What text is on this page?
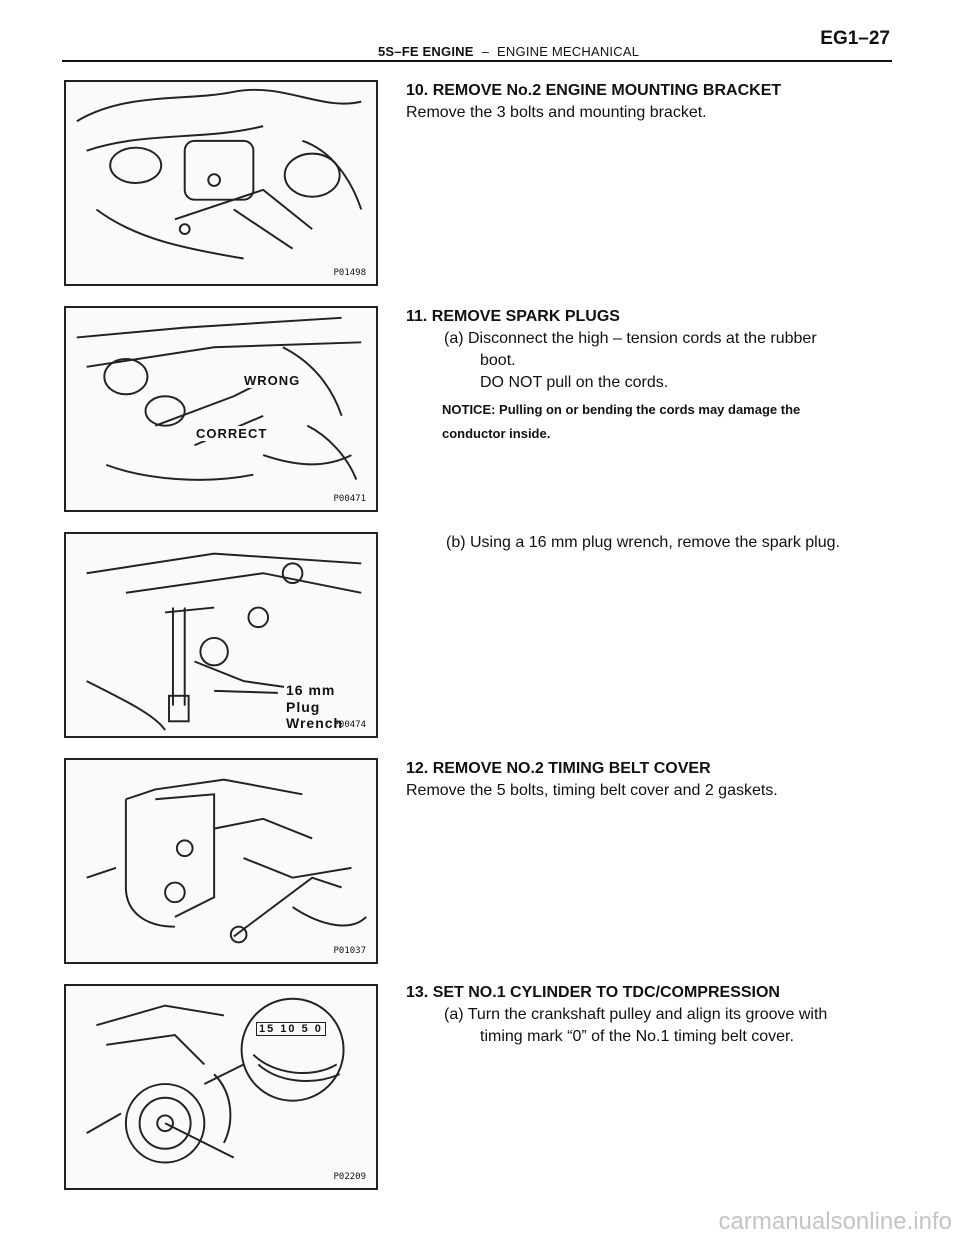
5S–FE ENGINE – ENGINE MECHANICAL
EG1–27
P01498
WRONG
CORRECT
P00471
16 mm
Plug Wrench
P00474
P01037
15 10 5 0
P02209
10. REMOVE No.2 ENGINE MOUNTING BRACKET
Remove the 3 bolts and mounting bracket.
11. REMOVE SPARK PLUGS
(a) Disconnect the high – tension cords at the rubber
boot.
DO NOT pull on the cords.
NOTICE: Pulling on or bending the cords may damage the
conductor inside.
(b) Using a 16 mm plug wrench, remove the spark plug.
12. REMOVE NO.2 TIMING BELT COVER
Remove the 5 bolts, timing belt cover and 2 gaskets.
13. SET NO.1 CYLINDER TO TDC/COMPRESSION
(a) Turn the crankshaft pulley and align its groove with
timing mark “0” of the No.1 timing belt cover.
carmanualsonline.info
